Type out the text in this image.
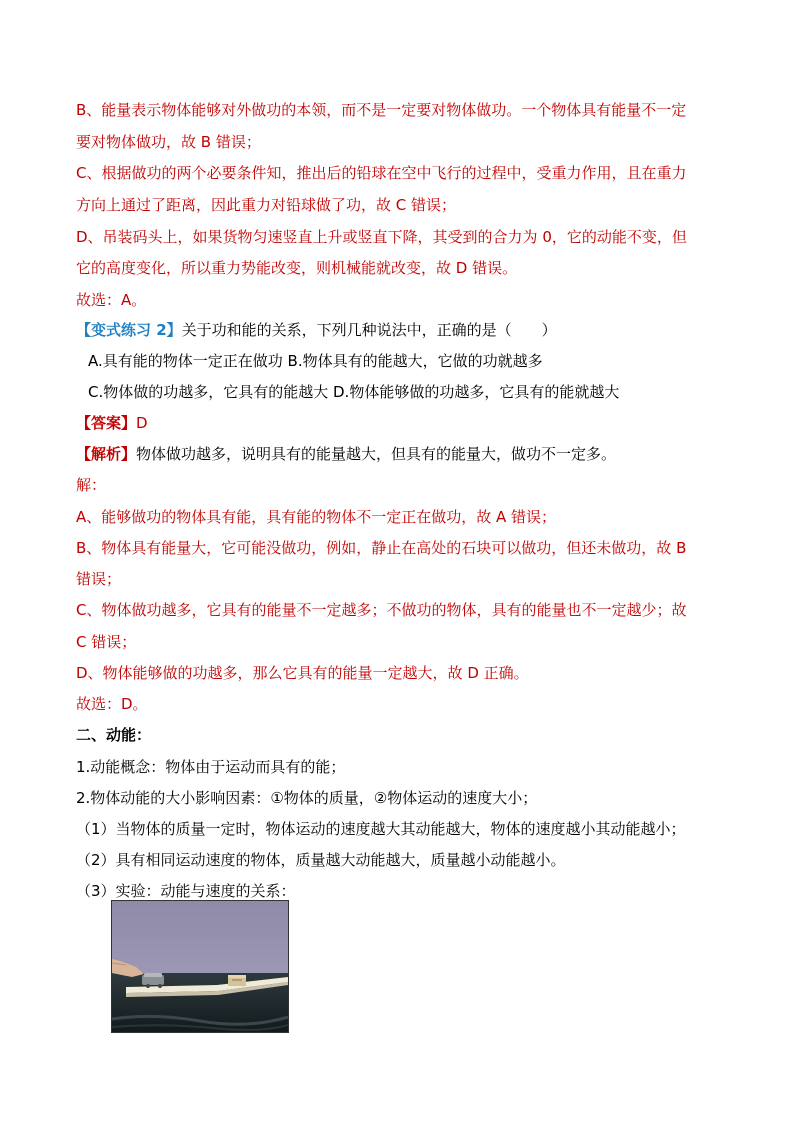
B、能量表示物体能够对外做功的本领，而不是一定要对物体做功。一个物体具有能量不一定
要对物体做功，故 B 错误；
C、根据做功的两个必要条件知，推出后的铅球在空中飞行的过程中，受重力作用，且在重力
方向上通过了距离，因此重力对铅球做了功，故 C 错误；
D、吊装码头上，如果货物匀速竖直上升或竖直下降，其受到的合力为 0，它的动能不变，但
它的高度变化，所以重力势能改变，则机械能就改变，故 D 错误。
故选：A。
【变式练习 2】关于功和能的关系，下列几种说法中，正确的是（　　）
A.具有能的物体一定正在做功 B.物体具有的能越大，它做的功就越多
C.物体做的功越多，它具有的能越大 D.物体能够做的功越多，它具有的能就越大
【答案】D
【解析】物体做功越多，说明具有的能量越大，但具有的能量大，做功不一定多。
解：
A、能够做功的物体具有能，具有能的物体不一定正在做功，故 A 错误；
B、物体具有能量大，它可能没做功，例如，静止在高处的石块可以做功，但还未做功，故 B
错误；
C、物体做功越多，它具有的能量不一定越多；不做功的物体，具有的能量也不一定越少；故
C 错误；
D、物体能够做的功越多，那么它具有的能量一定越大，故 D 正确。
故选：D。
二、动能：
1.动能概念：物体由于运动而具有的能；
2.物体动能的大小影响因素：①物体的质量，②物体运动的速度大小；
（1）当物体的质量一定时，物体运动的速度越大其动能越大，物体的速度越小其动能越小；
（2）具有相同运动速度的物体，质量越大动能越大，质量越小动能越小。
（3）实验：动能与速度的关系：
